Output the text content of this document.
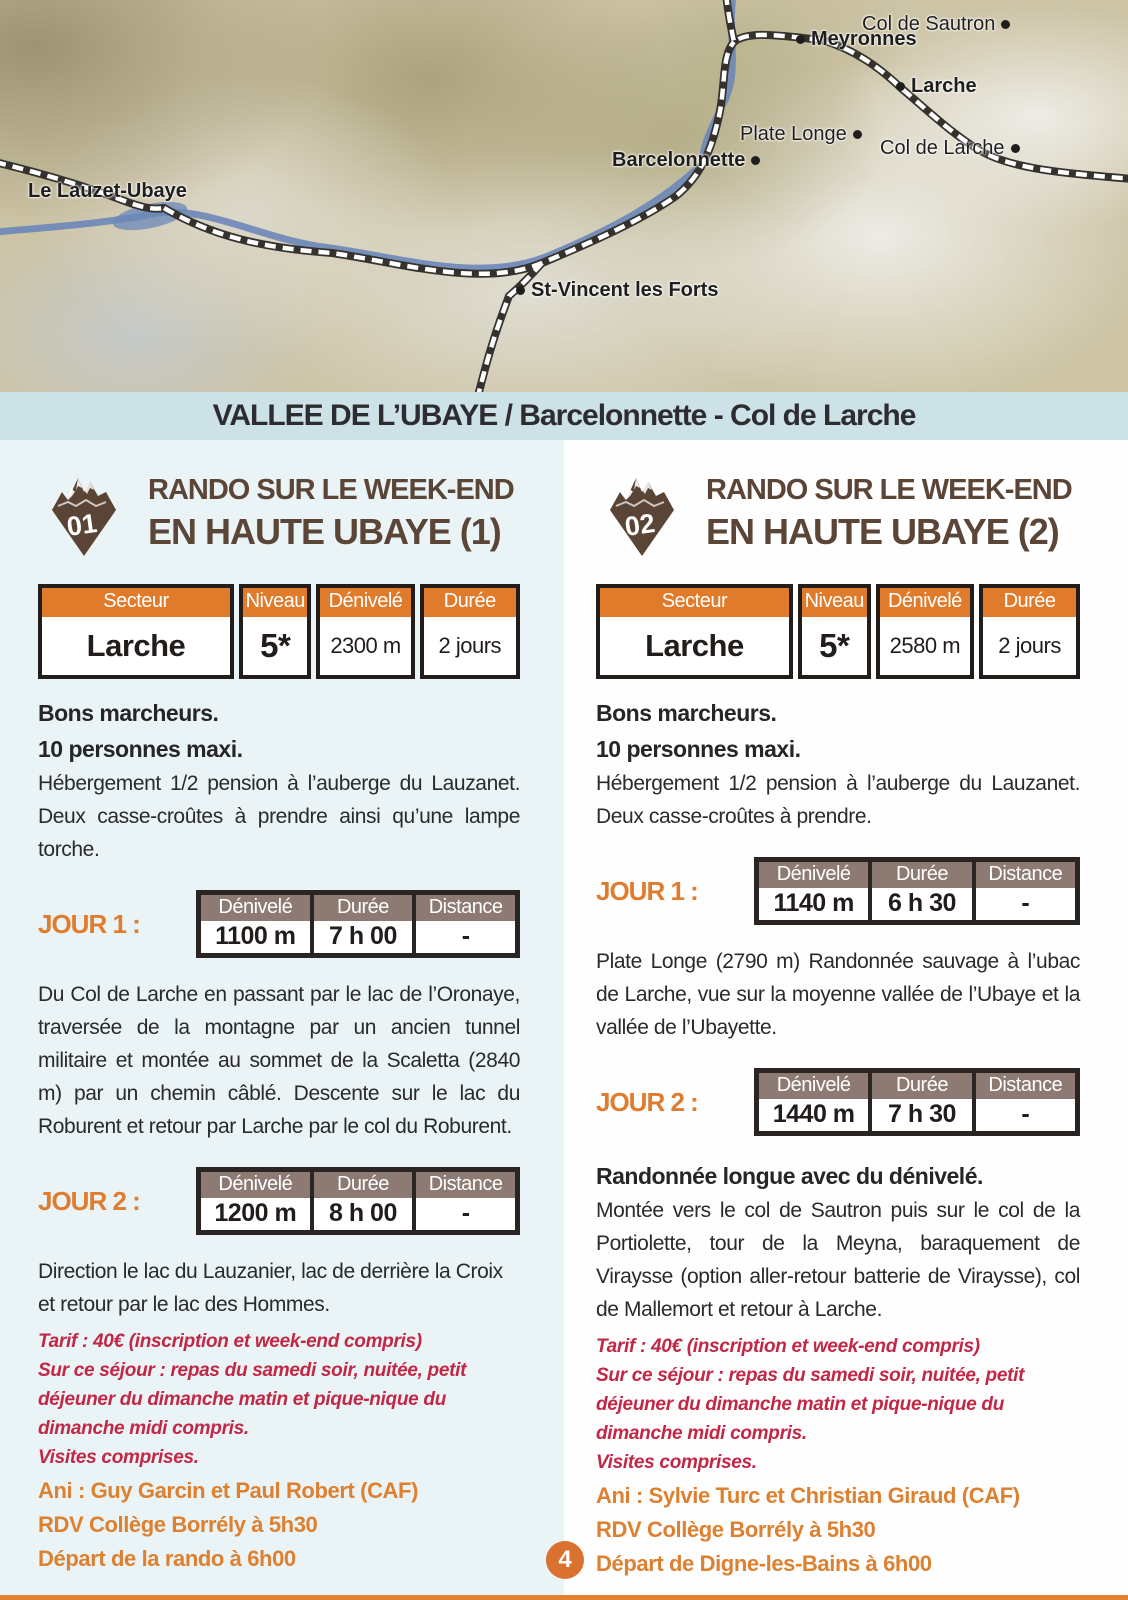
Col de Sautron
Meyronnes
Larche
Plate Longe
Col de Larche
Barcelonnette
Le Lauzet-Ubaye
St-Vincent les Forts
VALLEE DE L’UBAYE / Barcelonnette - Col de Larche
01
RANDO SUR LE WEEK-END
EN HAUTE UBAYE (1)
Secteur
Larche
Niveau
5*
Dénivelé
2300 m
Durée
2 jours
Bons marcheurs.
10 personnes maxi.
Hébergement 1/2 pension à l’auberge du Lauzanet. Deux casse-croûtes à prendre ainsi qu’une lampe torche.
JOUR 1 :
Dénivelé
1100 m
Durée
7 h 00
Distance
-
Du Col de Larche en passant par le lac de l’Oronaye, traversée de la montagne par un ancien tunnel militaire et montée au sommet de la Scaletta (2840 m) par un chemin câblé. Descente sur le lac du Roburent et retour par Larche par le col du Roburent.
JOUR 2 :
Dénivelé
1200 m
Durée
8 h 00
Distance
-
Direction le lac du Lauzanier, lac de derrière la Croix et retour par le lac des Hommes.
Tarif : 40€ (inscription et week-end compris)
Sur ce séjour : repas du samedi soir, nuitée, petit déjeuner du dimanche matin et pique-nique du dimanche midi compris.
Visites comprises.
Ani : Guy Garcin et Paul Robert (CAF)
RDV Collège Borrély à 5h30
Départ de la rando à 6h00
02
RANDO SUR LE WEEK-END
EN HAUTE UBAYE (2)
Secteur
Larche
Niveau
5*
Dénivelé
2580 m
Durée
2 jours
Bons marcheurs.
10 personnes maxi.
Hébergement 1/2 pension à l’auberge du Lauzanet. Deux casse-croûtes à prendre.
JOUR 1 :
Dénivelé
1140 m
Durée
6 h 30
Distance
-
Plate Longe (2790 m) Randonnée sauvage à l’ubac de Larche, vue sur la moyenne vallée de l’Ubaye et la vallée de l’Ubayette.
JOUR 2 :
Dénivelé
1440 m
Durée
7 h 30
Distance
-
Randonnée longue avec du dénivelé.
Montée vers le col de Sautron puis sur le col de la Portiolette, tour de la Meyna, baraquement de Viraysse (option aller-retour batterie de Viraysse), col de Mallemort et retour à Larche.
Tarif : 40€ (inscription et week-end compris)
Sur ce séjour : repas du samedi soir, nuitée, petit déjeuner du dimanche matin et pique-nique du dimanche midi compris.
Visites comprises.
Ani : Sylvie Turc et Christian Giraud (CAF)
RDV Collège Borrély à 5h30
Départ de Digne-les-Bains à 6h00
4
